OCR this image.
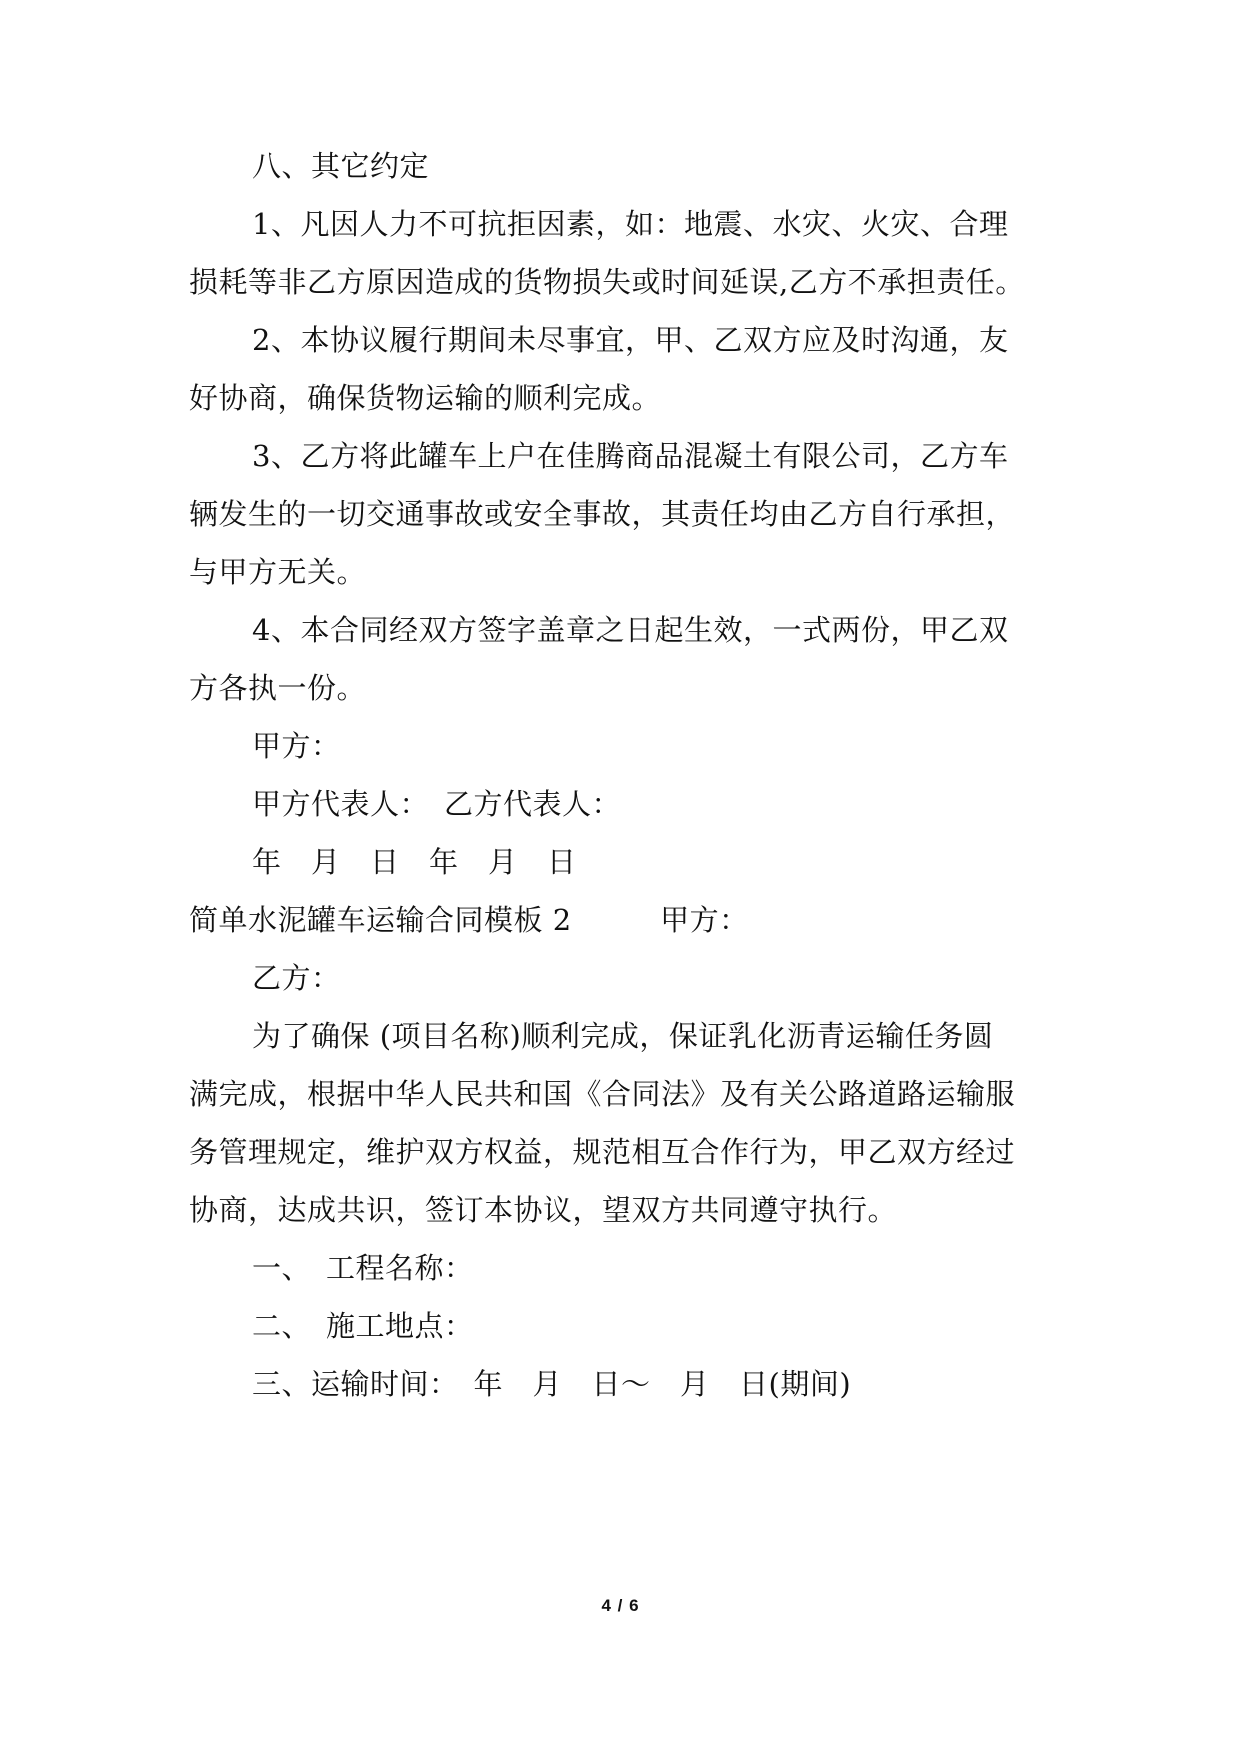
八、其它约定
1、凡因人力不可抗拒因素，如：地震、水灾、火灾、合理
损耗等非乙方原因造成的货物损失或时间延误,乙方不承担责任。
2、本协议履行期间未尽事宜，甲、乙双方应及时沟通，友
好协商，确保货物运输的顺利完成。
3、乙方将此罐车上户在佳腾商品混凝土有限公司，乙方车
辆发生的一切交通事故或安全事故，其责任均由乙方自行承担，
与甲方无关。
4、本合同经双方签字盖章之日起生效，一式两份，甲乙双
方各执一份。
甲方：
甲方代表人：　乙方代表人：
年　月　日　年　月　日
简单水泥罐车运输合同模板 2　　　甲方：
乙方：
为了确保 (项目名称)顺利完成，保证乳化沥青运输任务圆
满完成，根据中华人民共和国《合同法》及有关公路道路运输服
务管理规定，维护双方权益，规范相互合作行为，甲乙双方经过
协商，达成共识，签订本协议，望双方共同遵守执行。
一、　工程名称：
二、　施工地点：
三、运输时间：　年　月　日～　月　日(期间)
4 / 6
